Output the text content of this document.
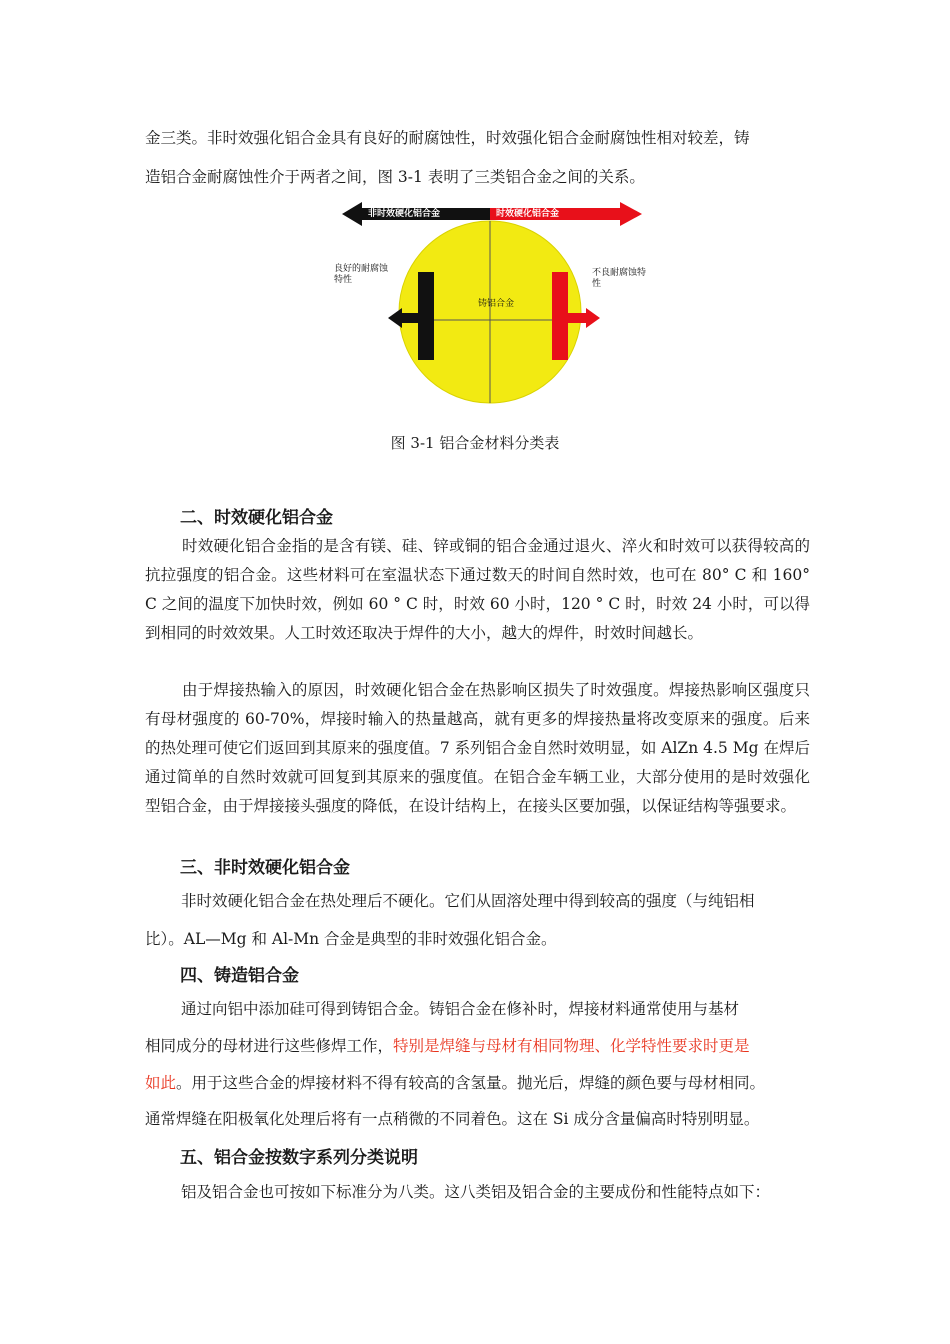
金三类。非时效强化铝合金具有良好的耐腐蚀性，时效强化铝合金耐腐蚀性相对较差，铸

造铝合金耐腐蚀性介于两者之间，图 3-1 表明了三类铝合金之间的关系。

非时效硬化铝合金	时效硬化铝合金
良好的耐腐蚀
特性
不良耐腐蚀特
性
铸铝合金
图 3-1 铝合金材料分类表
二、时效硬化铝合金

时效硬化铝合金指的是含有镁、硅、锌或铜的铝合金通过退火、淬火和时效可以获得较高的抗拉强度的铝合金。这些材料可在室温状态下通过数天的时间自然时效，也可在 80° C 和 160° C 之间的温度下加快时效，例如 60 ° C 时，时效 60 小时，120 ° C 时，时效 24 小时，可以得到相同的时效效果。人工时效还取决于焊件的大小，越大的焊件，时效时间越长。

由于焊接热输入的原因，时效硬化铝合金在热影响区损失了时效强度。焊接热影响区强度只有母材强度的 60-70%，焊接时输入的热量越高，就有更多的焊接热量将改变原来的强度。后来的热处理可使它们返回到其原来的强度值。7 系列铝合金自然时效明显，如 AlZn 4.5 Mg 在焊后通过简单的自然时效就可回复到其原来的强度值。在铝合金车辆工业，大部分使用的是时效强化型铝合金，由于焊接接头强度的降低，在设计结构上，在接头区要加强，以保证结构等强要求。

三、非时效硬化铝合金

非时效硬化铝合金在热处理后不硬化。它们从固溶处理中得到较高的强度（与纯铝相

比）。AL—Mg 和 Al-Mn 合金是典型的非时效强化铝合金。

四、铸造铝合金

通过向铝中添加硅可得到铸铝合金。铸铝合金在修补时，焊接材料通常使用与基材

相同成分的母材进行这些修焊工作，特别是焊缝与母材有相同物理、化学特性要求时更是

如此。用于这些合金的焊接材料不得有较高的含氢量。抛光后，焊缝的颜色要与母材相同。

通常焊缝在阳极氧化处理后将有一点稍微的不同着色。这在 Si 成分含量偏高时特别明显。

五、铝合金按数字系列分类说明

铝及铝合金也可按如下标准分为八类。这八类铝及铝合金的主要成份和性能特点如下：
